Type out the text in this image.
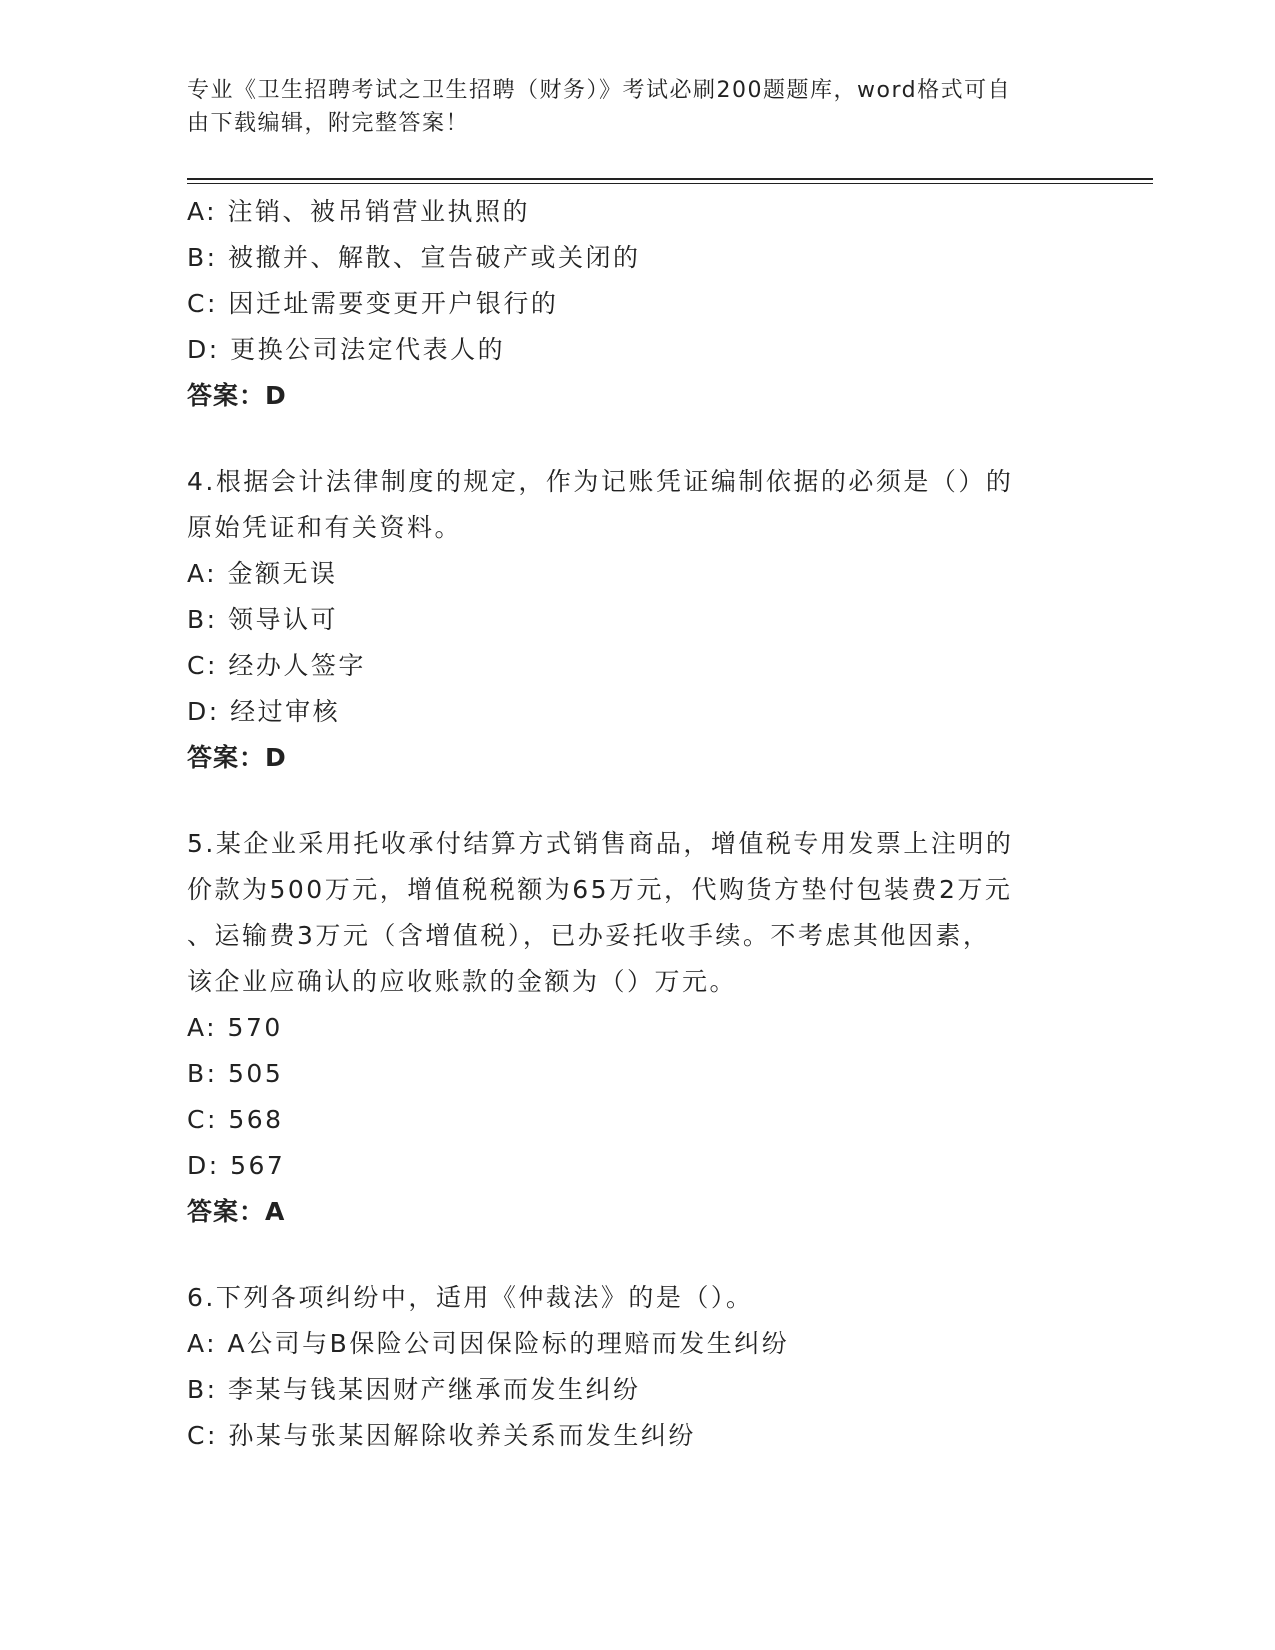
专业《卫生招聘考试之卫生招聘（财务）》考试必刷200题题库，word格式可自
由下载编辑，附完整答案！
A: 注销、被吊销营业执照的
B: 被撤并、解散、宣告破产或关闭的
C: 因迁址需要变更开户银行的
D: 更换公司法定代表人的
答案：D
4.根据会计法律制度的规定，作为记账凭证编制依据的必须是（）的
原始凭证和有关资料。
A: 金额无误
B: 领导认可
C: 经办人签字
D: 经过审核
答案：D
5.某企业采用托收承付结算方式销售商品，增值税专用发票上注明的
价款为500万元，增值税税额为65万元，代购货方垫付包装费2万元
、运输费3万元（含增值税），已办妥托收手续。不考虑其他因素，
该企业应确认的应收账款的金额为（）万元。
A: 570
B: 505
C: 568
D: 567
答案：A
6.下列各项纠纷中，适用《仲裁法》的是（）。
A: A公司与B保险公司因保险标的理赔而发生纠纷
B: 李某与钱某因财产继承而发生纠纷
C: 孙某与张某因解除收养关系而发生纠纷
